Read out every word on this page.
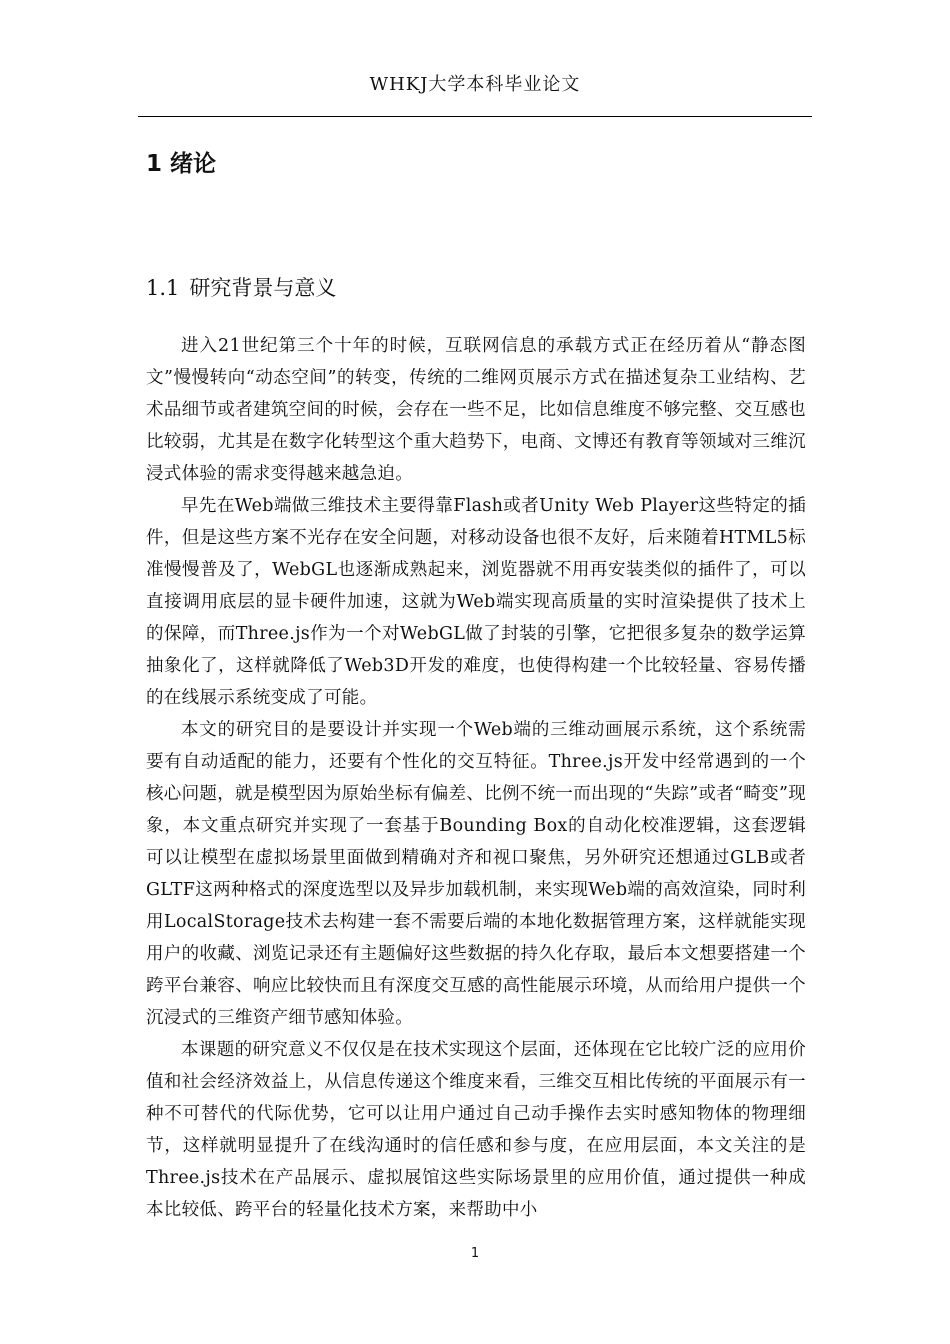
WHKJ大学本科毕业论文
1 绪论
1.1 研究背景与意义

进入21世纪第三个十年的时候，互联网信息的承载方式正在经历着从“静态图文”慢慢转向“动态空间”的转变，传统的二维网页展示方式在描述复杂工业结构、艺术品细节或者建筑空间的时候，会存在一些不足，比如信息维度不够完整、交互感也比较弱，尤其是在数字化转型这个重大趋势下，电商、文博还有教育等领域对三维沉浸式体验的需求变得越来越急迫。

早先在Web端做三维技术主要得靠Flash或者Unity Web Player这些特定的插件，但是这些方案不光存在安全问题，对移动设备也很不友好，后来随着HTML5标准慢慢普及了，WebGL也逐渐成熟起来，浏览器就不用再安装类似的插件了，可以直接调用底层的显卡硬件加速，这就为Web端实现高质量的实时渲染提供了技术上的保障，而Three.js作为一个对WebGL做了封装的引擎，它把很多复杂的数学运算抽象化了，这样就降低了Web3D开发的难度，也使得构建一个比较轻量、容易传播的在线展示系统变成了可能。

本文的研究目的是要设计并实现一个Web端的三维动画展示系统，这个系统需要有自动适配的能力，还要有个性化的交互特征。Three.js开发中经常遇到的一个核心问题，就是模型因为原始坐标有偏差、比例不统一而出现的“失踪”或者“畸变”现象，本文重点研究并实现了一套基于Bounding Box的自动化校准逻辑，这套逻辑可以让模型在虚拟场景里面做到精确对齐和视口聚焦，另外研究还想通过GLB或者GLTF这两种格式的深度选型以及异步加载机制，来实现Web端的高效渲染，同时利用LocalStorage技术去构建一套不需要后端的本地化数据管理方案，这样就能实现用户的收藏、浏览记录还有主题偏好这些数据的持久化存取，最后本文想要搭建一个跨平台兼容、响应比较快而且有深度交互感的高性能展示环境，从而给用户提供一个沉浸式的三维资产细节感知体验。

本课题的研究意义不仅仅是在技术实现这个层面，还体现在它比较广泛的应用价值和社会经济效益上，从信息传递这个维度来看，三维交互相比传统的平面展示有一种不可替代的代际优势，它可以让用户通过自己动手操作去实时感知物体的物理细节，这样就明显提升了在线沟通时的信任感和参与度，在应用层面，本文关注的是Three.js技术在产品展示、虚拟展馆这些实际场景里的应用价值，通过提供一种成本比较低、跨平台的轻量化技术方案，来帮助中小

1
